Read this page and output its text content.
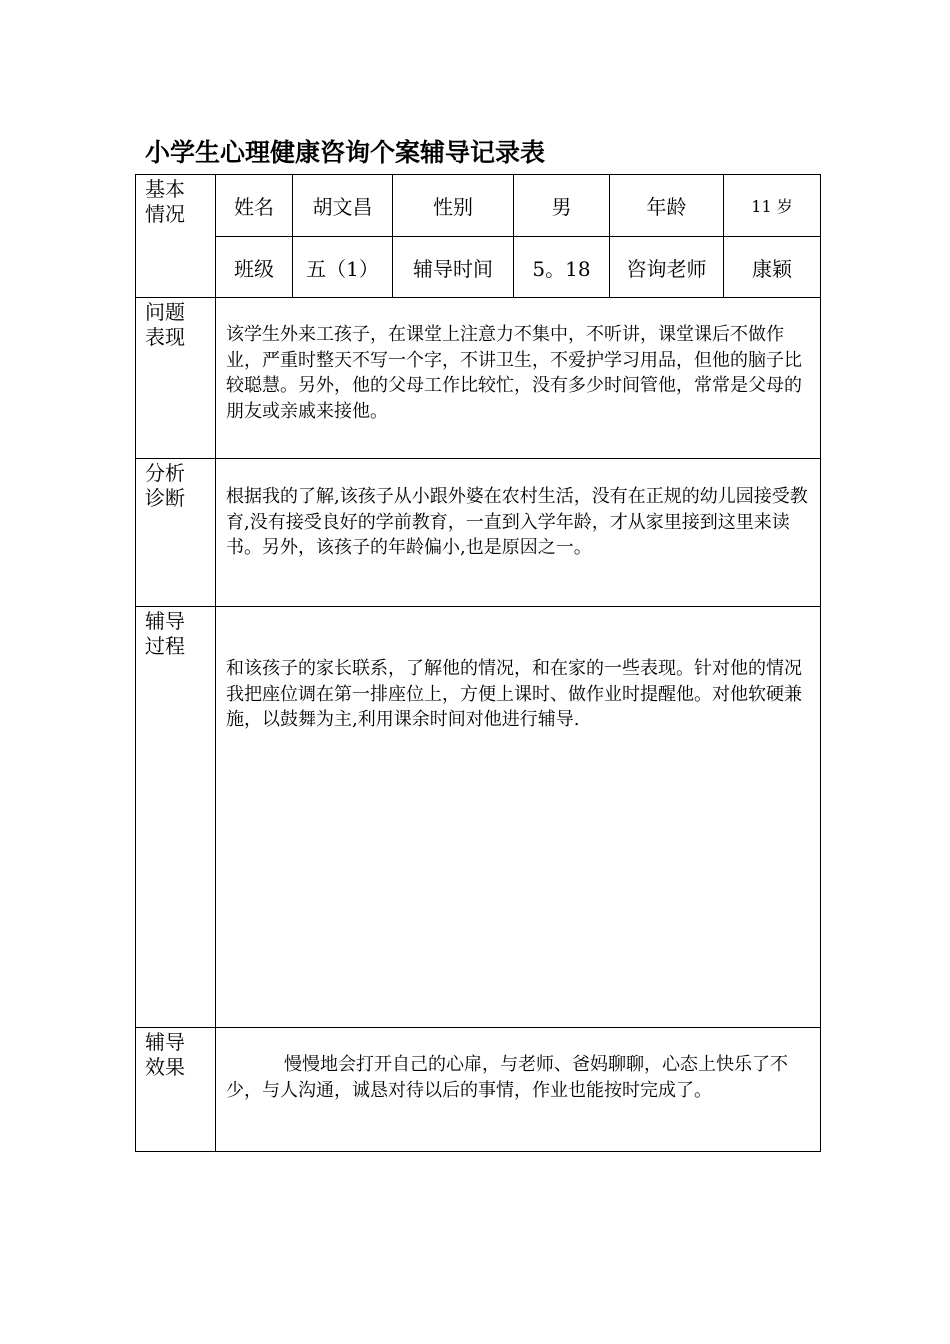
小学生心理健康咨询个案辅导记录表
基本
情况	姓名	胡文昌	性别	男	年龄	11 岁
	班级	五（1）	辅导时间	5。18	咨询老师	康颖

问题
表现	该学生外来工孩子，在课堂上注意力不集中，不听讲，课堂课后不做作业，严重时整天不写一个字，不讲卫生，不爱护学习用品，但他的脑子比较聪慧。另外，他的父母工作比较忙，没有多少时间管他，常常是父母的朋友或亲戚来接他。					

分析
诊断	根据我的了解,该孩子从小跟外婆在农村生活，没有在正规的幼儿园接受教育,没有接受良好的学前教育，一直到入学年龄，才从家里接到这里来读书。另外，该孩子的年龄偏小,也是原因之一。					

辅导
过程	和该孩子的家长联系，了解他的情况，和在家的一些表现。针对他的情况我把座位调在第一排座位上，方便上课时、做作业时提醒他。对他软硬兼施，以鼓舞为主,利用课余时间对他进行辅导.					

辅导
效果	慢慢地会打开自己的心扉，与老师、爸妈聊聊，心态上快乐了不少，与人沟通，诚恳对待以后的事情，作业也能按时完成了。					
